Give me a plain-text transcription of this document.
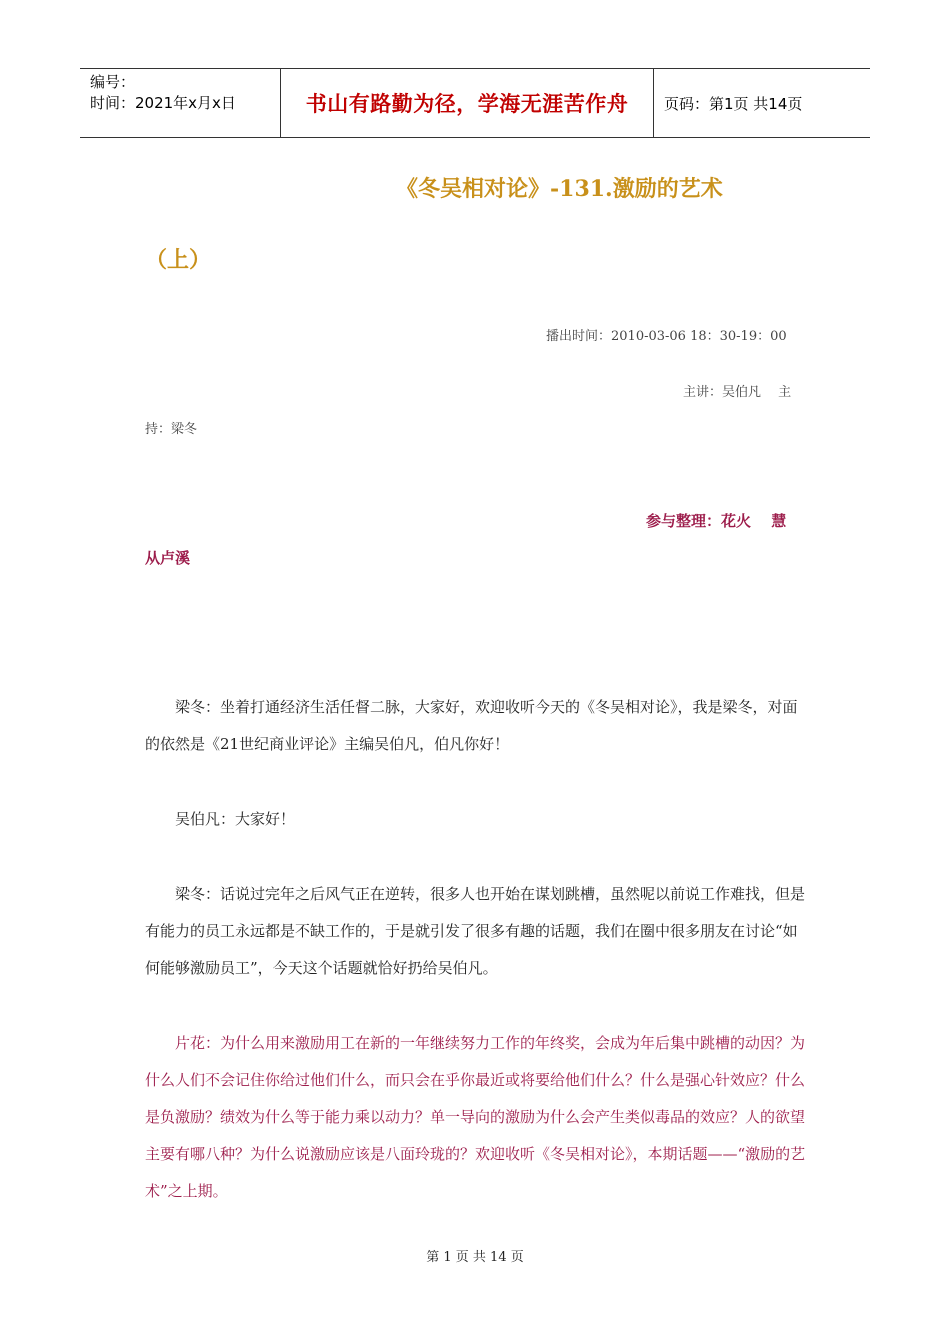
编号：
时间：2021年x月x日	书山有路勤为径，学海无涯苦作舟	页码：第1页 共14页
《冬吴相对论》-131.激励的艺术
（上）
播出时间：2010-03-06 18：30-19：00
主讲：吴伯凡　 主
持：梁冬
参与整理：花火　 慧
从卢溪

梁冬：坐着打通经济生活任督二脉，大家好，欢迎收听今天的《冬吴相对论》，我是梁冬，对面的依然是《21世纪商业评论》主编吴伯凡，伯凡你好！

吴伯凡：大家好！

梁冬：话说过完年之后风气正在逆转，很多人也开始在谋划跳槽，虽然呢以前说工作难找，但是有能力的员工永远都是不缺工作的，于是就引发了很多有趣的话题，我们在圈中很多朋友在讨论“如何能够激励员工”，今天这个话题就恰好扔给吴伯凡。

片花：为什么用来激励用工在新的一年继续努力工作的年终奖，会成为年后集中跳槽的动因？为什么人们不会记住你给过他们什么，而只会在乎你最近或将要给他们什么？什么是强心针效应？什么是负激励？绩效为什么等于能力乘以动力？单一导向的激励为什么会产生类似毒品的效应？人的欲望主要有哪八种？为什么说激励应该是八面玲珑的？欢迎收听《冬吴相对论》，本期话题——“激励的艺术”之上期。

第 1 页 共 14 页
